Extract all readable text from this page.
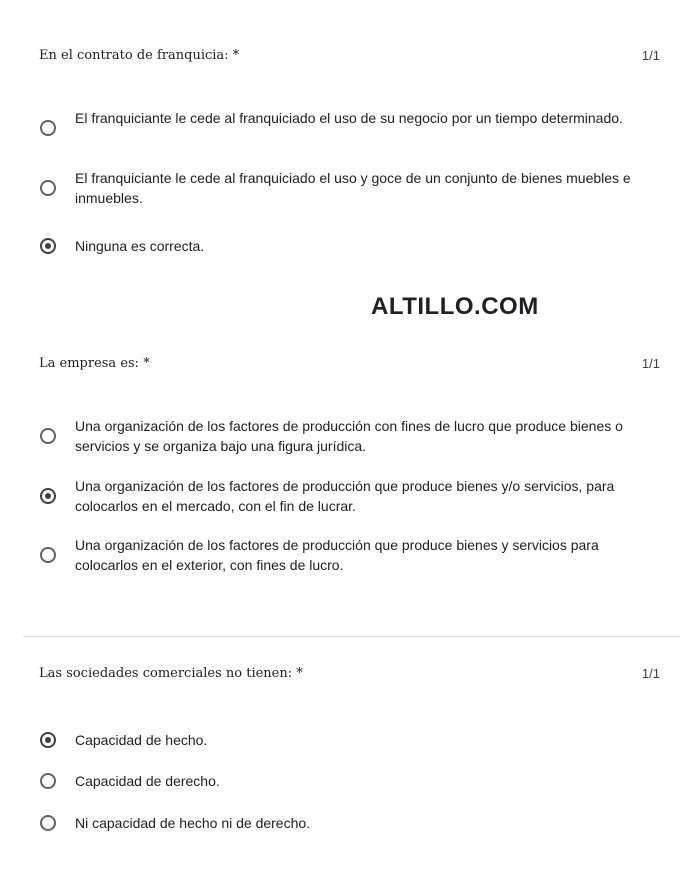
En el contrato de franquicia: *	1/1
El franquiciante le cede al franquiciado el uso de su negocio por un tiempo determinado.
El franquiciante le cede al franquiciado el uso y goce de un conjunto de bienes muebles e inmuebles.
Ninguna es correcta.
ALTILLO.COM
La empresa es: *	1/1
Una organización de los factores de producción con fines de lucro que produce bienes o servicios y se organiza bajo una figura jurídica.
Una organización de los factores de producción que produce bienes y/o servicios, para colocarlos en el mercado, con el fin de lucrar.
Una organización de los factores de producción que produce bienes y servicios para colocarlos en el exterior, con fines de lucro.
Las sociedades comerciales no tienen: *	1/1
Capacidad de hecho.
Capacidad de derecho.
Ni capacidad de hecho ni de derecho.
